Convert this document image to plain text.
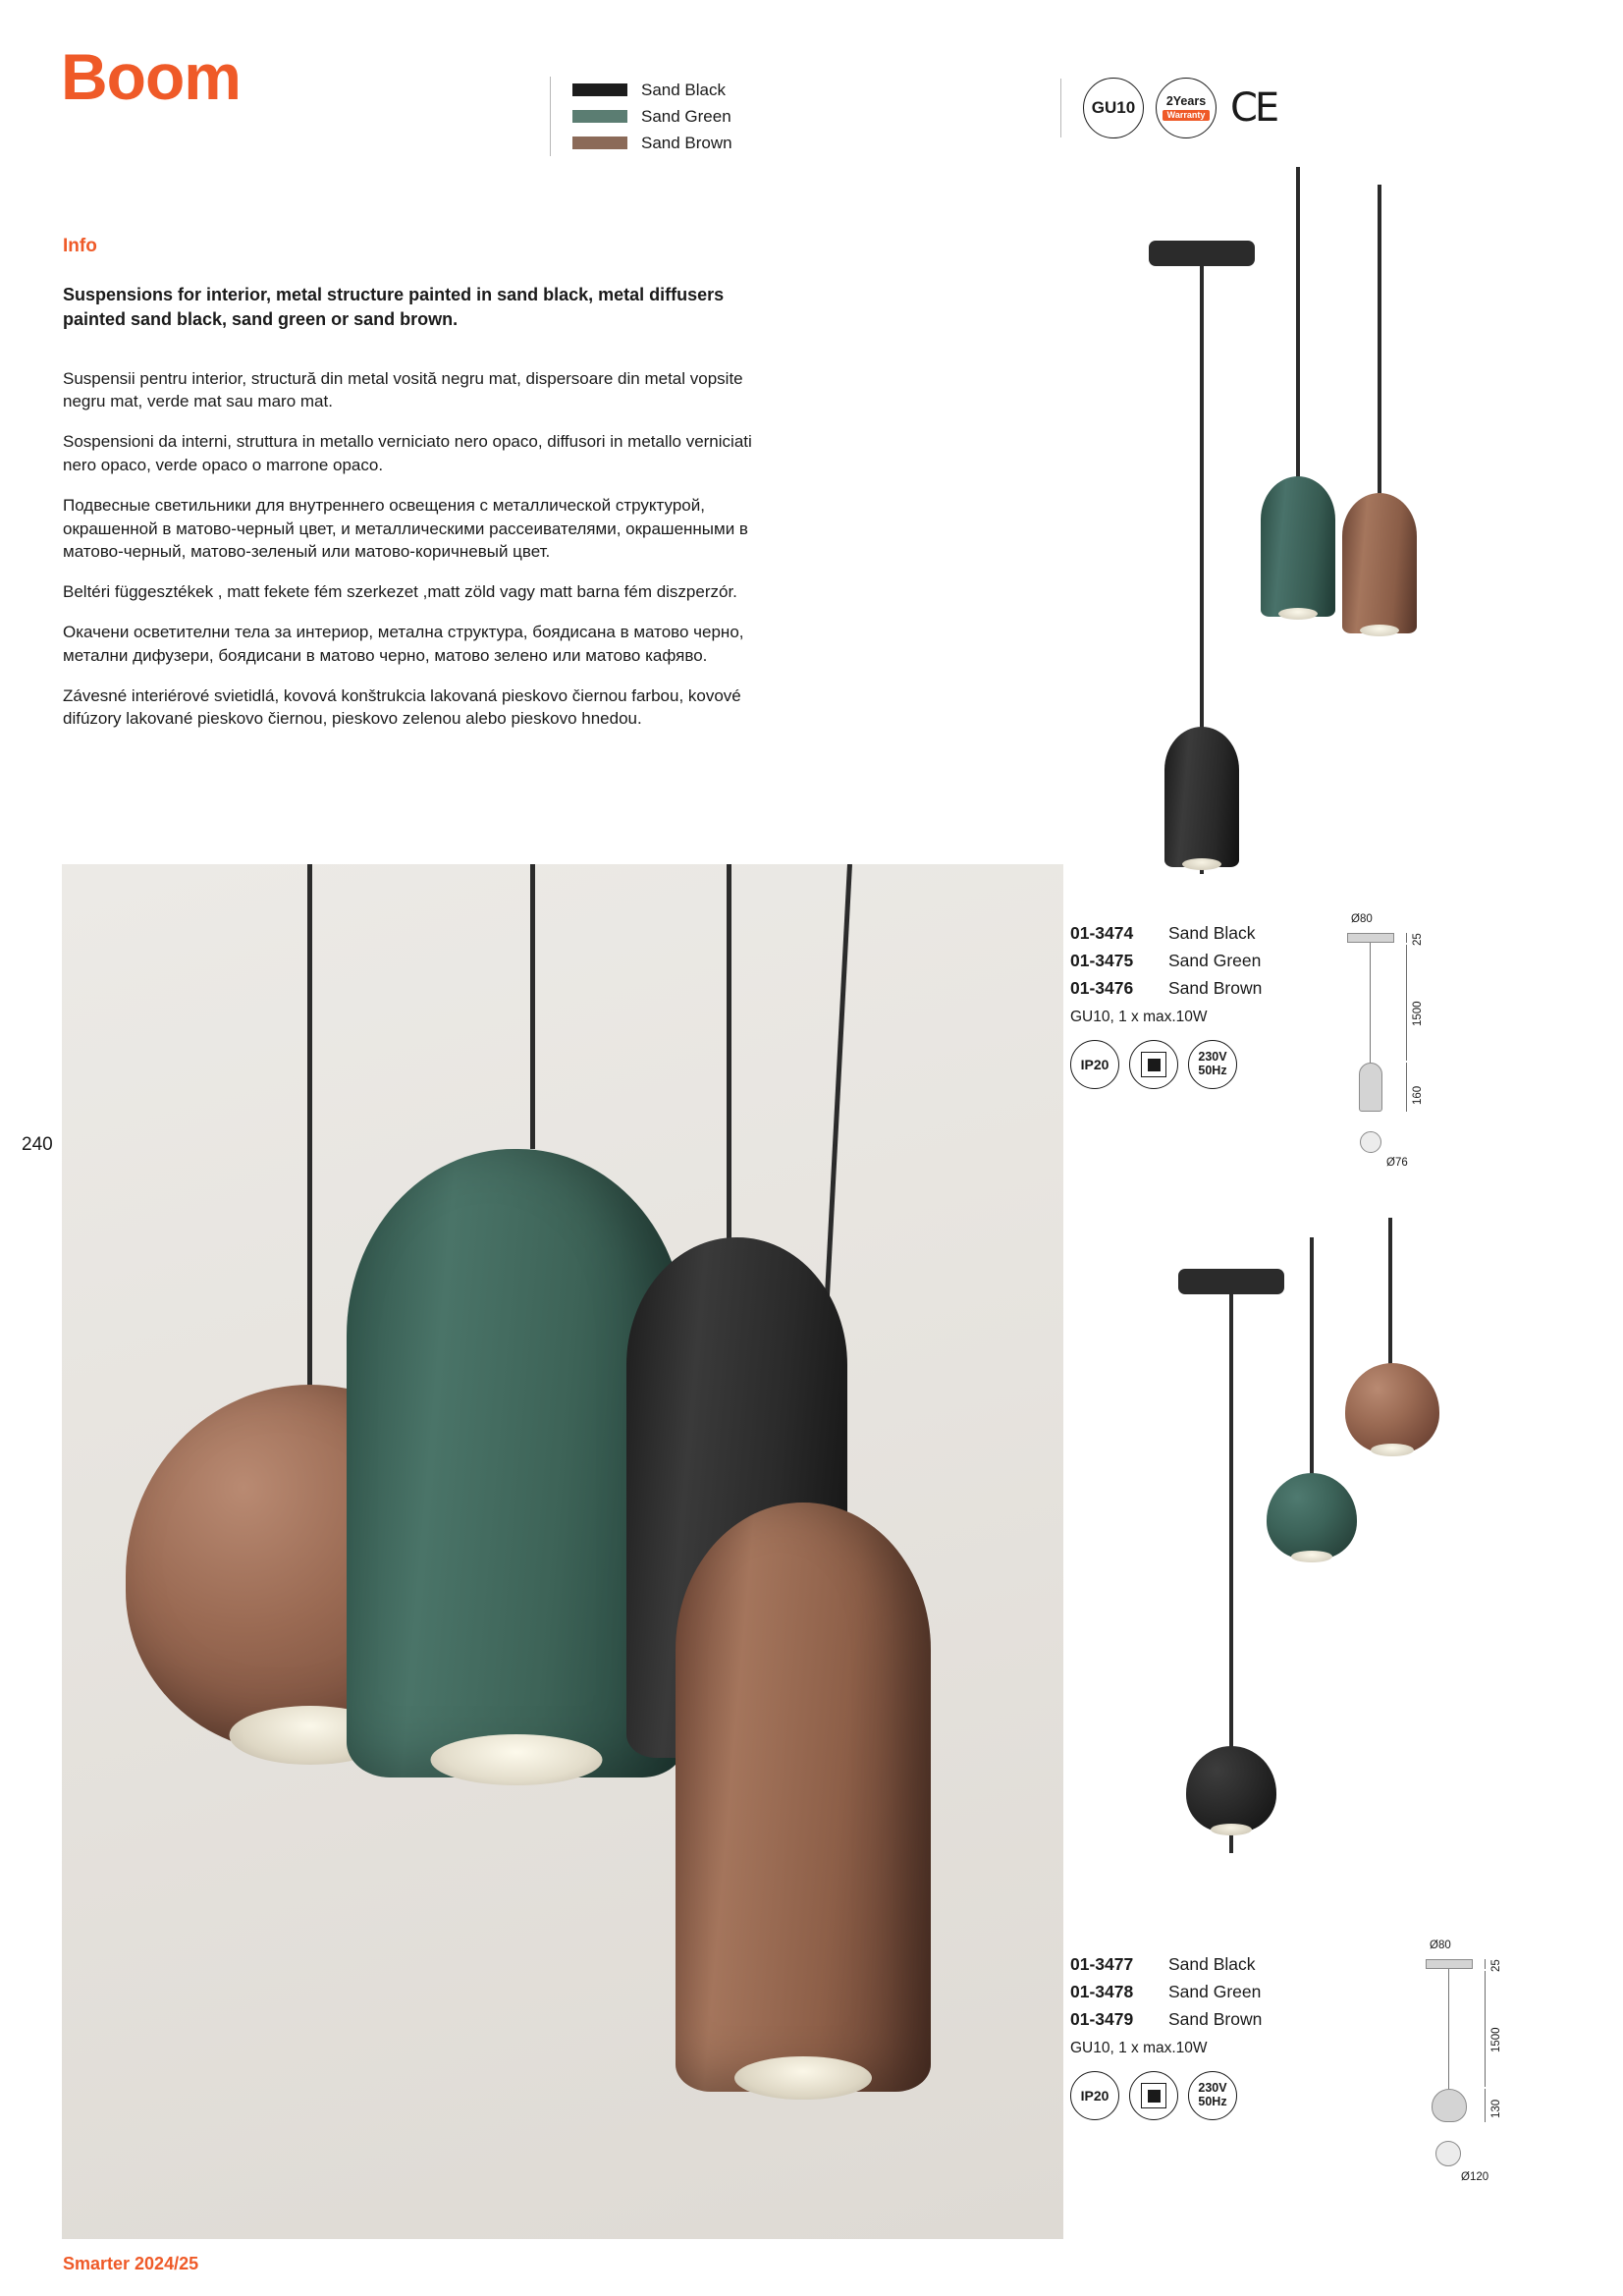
Boom	Sand Black
Sand Green
Sand Brown
GU10	2Years
Warranty CE
Info
Suspensions for interior, metal structure painted in sand black, metal diffusers painted sand black, sand green or sand brown.
Suspensii pentru interior, structură din metal vosită negru mat, dispersoare din metal vopsite negru mat, verde mat sau maro mat.
Sospensioni da interni, struttura in metallo verniciato nero opaco, diffusori in metallo verniciati nero opaco, verde opaco o marrone opaco.
Подвесные светильники для внутреннего освещения с металлической структурой, окрашенной в матово-черный цвет, и металлическими рассеивателями, окрашенными в матово-черный, матово-зеленый или матово-коричневый цвет.
Beltéri függesztékek , matt fekete fém szerkezet ,matt zöld vagy matt barna fém diszperzór.
Окачени осветителни тела за интериор, метална структура, боядисана в матово черно, метални дифузери, боядисани в матово черно, матово зелено или матово кафяво.
Závesné interiérové svietidlá, kovová konštrukcia lakovaná pieskovo čiernou farbou, kovové difúzory lakované pieskovo čiernou, pieskovo zelenou alebo pieskovo hnedou.
240
01-3474	Sand Black
01-3475	Sand Green
01-3476	Sand Brown
GU10, 1 x max.10W
IP20	230V
50Hz
Ø80
25
1500
160
Ø76
01-3477	Sand Black
01-3478	Sand Green
01-3479	Sand Brown
GU10, 1 x max.10W
IP20	230V
50Hz
Ø80
25
1500
130
Ø120
Smarter 2024/25
